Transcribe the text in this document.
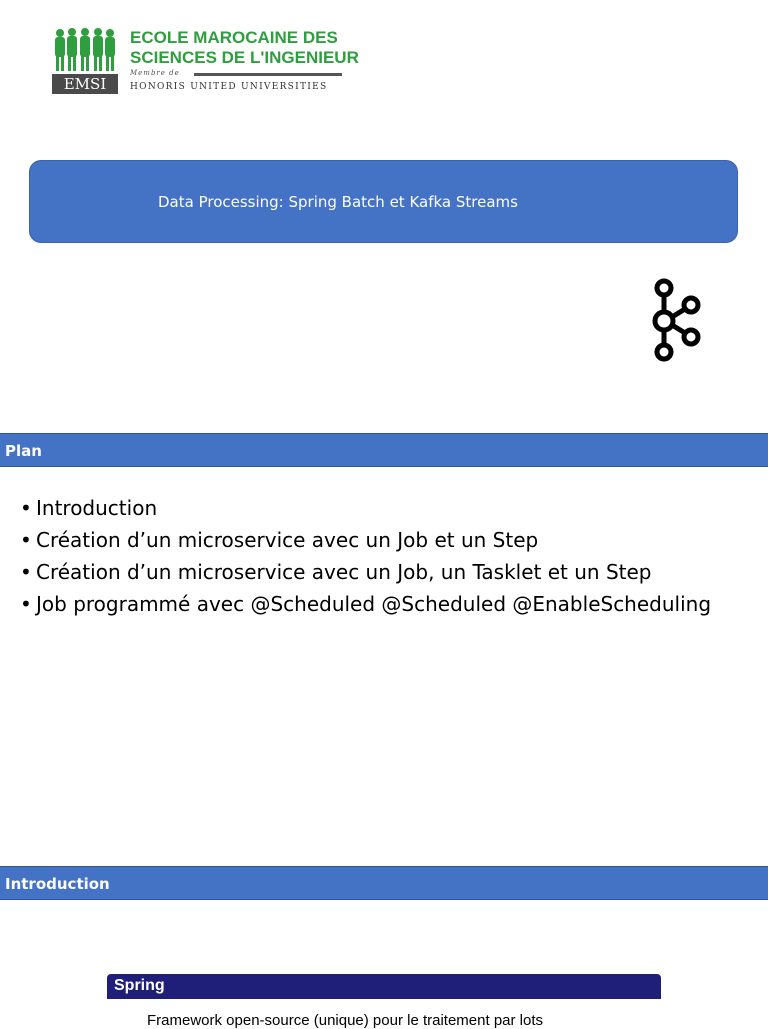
EMSI
ECOLE MAROCAINE DES
SCIENCES DE L'INGENIEUR
Membre de
HONORIS UNITED UNIVERSITIES
Data Processing: Spring Batch et Kafka Streams
Plan
• Introduction
• Création d’un microservice avec un Job et un Step
• Création d’un microservice avec un Job, un Tasklet et un Step
• Job programmé avec @Scheduled @Scheduled @EnableScheduling
Introduction
Spring
Framework open-source (unique) pour le traitement par lots
